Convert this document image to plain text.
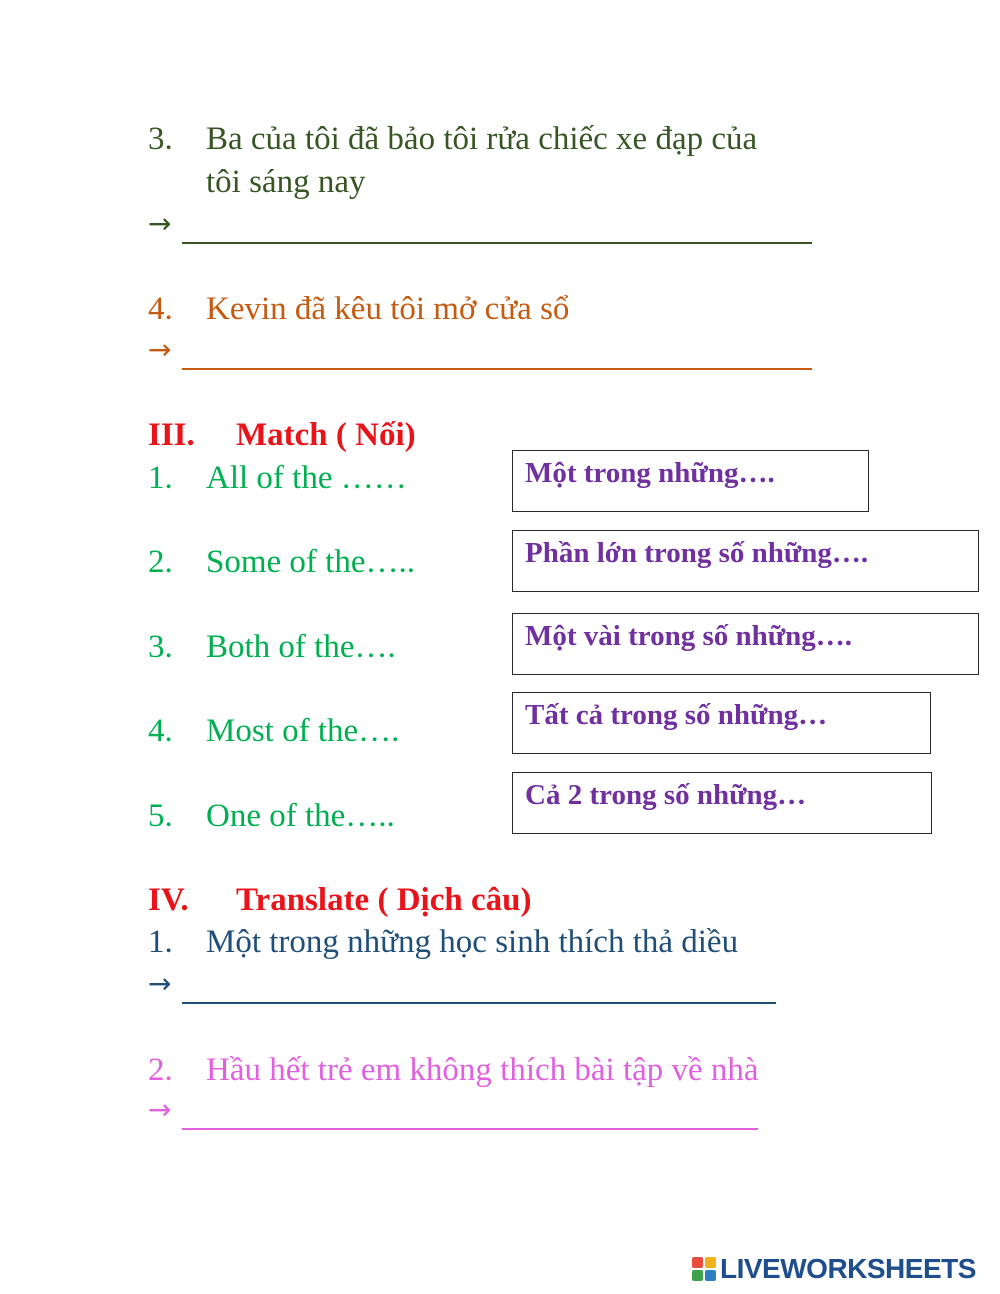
3. Ba của tôi đã bảo tôi rửa chiếc xe đạp của
tôi sáng nay
→
4. Kevin đã kêu tôi mở cửa sổ
→
III. Match ( Nối)
1. All of the ……
2. Some of the…..
3. Both of the….
4. Most of the….
5. One of the…..
Một trong những….
Phần lớn trong số những….
Một vài trong số những….
Tất cả trong số những…
Cả 2 trong số những…
IV. Translate ( Dịch câu)
1. Một trong những học sinh thích thả diều
→
2. Hầu hết trẻ em không thích bài tập về nhà
→
LIVEWORKSHEETS
